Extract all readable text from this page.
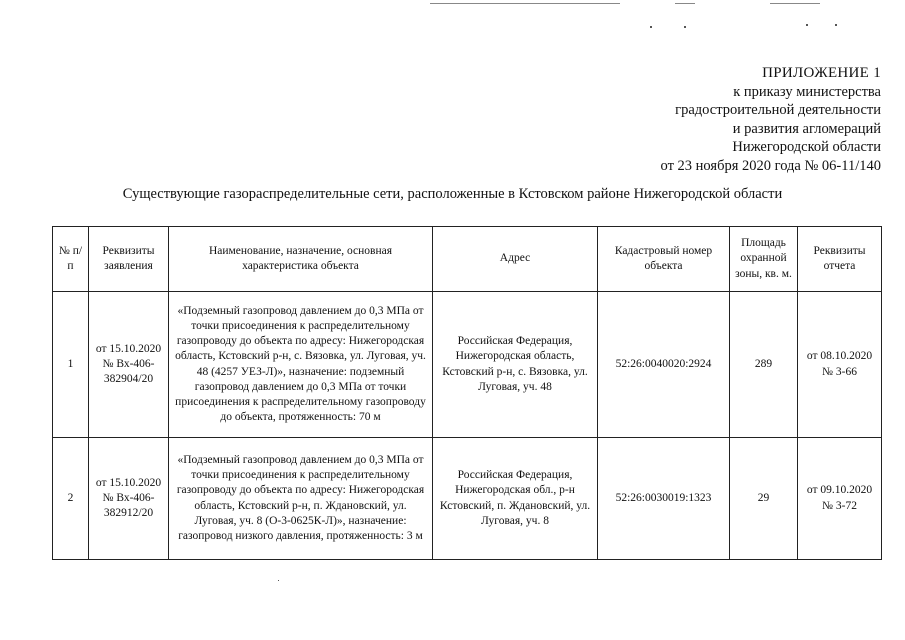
ПРИЛОЖЕНИЕ 1
к приказу министерства
градостроительной деятельности
и развития агломераций
Нижегородской области
от 23 ноября 2020 года № 06-11/140
Существующие газораспределительные сети, расположенные в Кстовском районе Нижегородской области
№ п/п	Реквизиты заявления	Наименование, назначение, основная характеристика объекта	Адрес	Кадастровый номер объекта	Площадь охранной зоны, кв. м.	Реквизиты отчета
1	от 15.10.2020 № Вх-406-382904/20	«Подземный газопровод давлением до 0,3 МПа от точки присоединения к распределительному газопроводу до объекта по адресу: Нижегородская область, Кстовский р-н, с. Вязовка, ул. Луговая, уч. 48 (4257 УЕЗ-Л)», назначение: подземный газопровод давлением до 0,3 МПа от точки присоединения к распределительному газопроводу до объекта, протяженность: 70 м	Российская Федерация, Нижегородская область, Кстовский р-н, с. Вязовка, ул. Луговая, уч. 48	52:26:0040020:2924	289	от 08.10.2020 № 3-66
2	от 15.10.2020 № Вх-406-382912/20	«Подземный газопровод давлением до 0,3 МПа от точки присоединения к распределительному газопроводу до объекта по адресу: Нижегородская область, Кстовский р-н, п. Ждановский, ул. Луговая, уч. 8 (О-3-0625К-Л)», назначение: газопровод низкого давления, протяженность: 3 м	Российская Федерация, Нижегородская обл., р-н Кстовский, п. Ждановский, ул. Луговая, уч. 8	52:26:0030019:1323	29	от 09.10.2020 № 3-72
